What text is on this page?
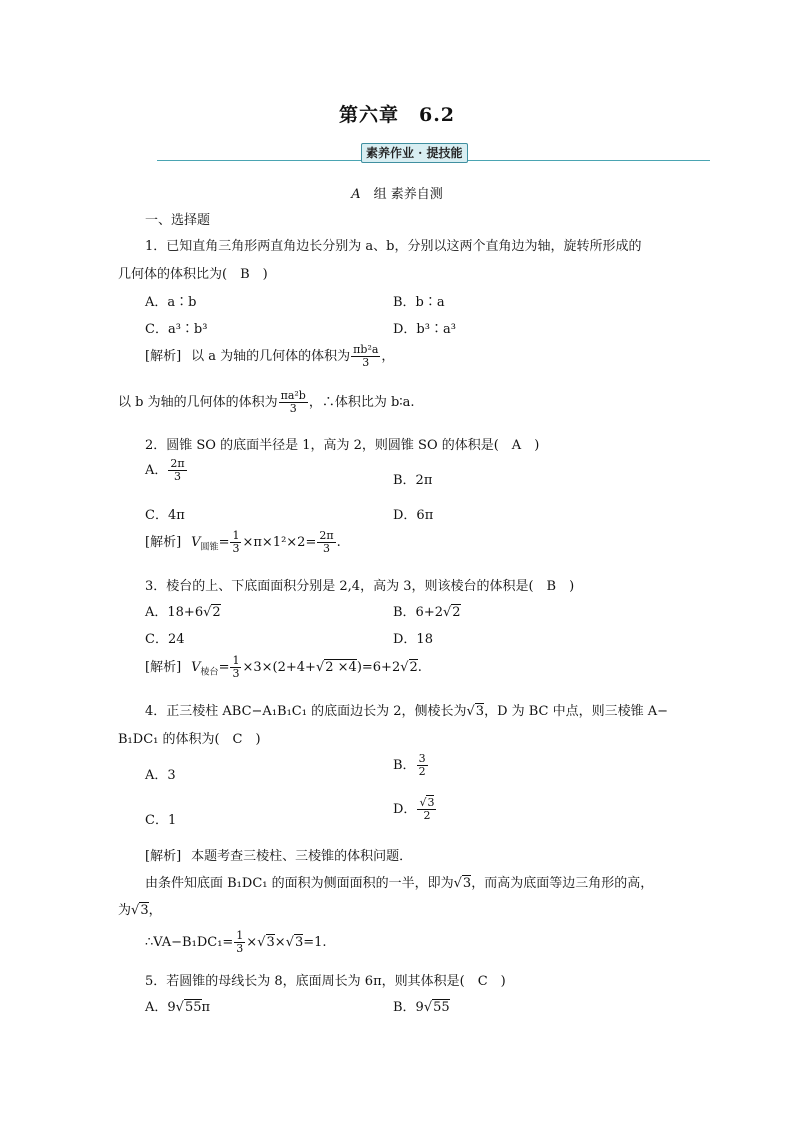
第六章　6.2
素养作业 · 提技能
A　 组 素养自测
一、选择题
1．已知直角三角形两直角边长分别为 a、b，分别以这两个直角边为轴，旋转所形成的
几何体的体积比为(　B　)
A．a∶b	B．b∶a
C．a³∶b³	D．b³∶a³
[解析] 以 a 为轴的几何体的体积为 $\frac{\text{πb²a}}{3}$ ，
以 b 为轴的几何体的体积为 $\frac{\text{πa²b}}{3}$ ，∴体积比为 b∶a.
2．圆锥 SO 的底面半径是 1，高为 2，则圆锥 SO 的体积是(　A　)
A． $\frac{2\pi}{3}$	B．2π
C．4π	D．6π
[解析] $V_{圆锥}= \frac{1}{3} \times\pi\times 1^2\times 2= \frac{2\pi}{3}$ .
3．棱台的上、下底面面积分别是 2,4，高为 3，则该棱台的体积是(　B　)
A．18+6√2	B．6+2√2
C．24	D．18
[解析] $V_{棱台}= \frac{1}{3} \times 3\times(2+4+√2 \times 4)=6+2√2$.
4．正三棱柱 ABC−A₁B₁C₁ 的底面边长为 2，侧棱长为√3，D 为 BC 中点，则三棱锥 A−
B₁DC₁ 的体积为(　C　)
A．3
B． $\frac{3}{2}$
C．1
D． $\frac{√3}{2}$
[解析] 本题考查三棱柱、三棱锥的体积问题．
由条件知底面 B₁DC₁ 的面积为侧面面积的一半，即为√3，而高为底面等边三角形的高，
为√3，
∴VA−B₁DC₁= $\frac{1}{3} \times√3\times√3=1$.
5．若圆锥的母线长为 8，底面周长为 6π，则其体积是(　C　)
A．9√55π	B．9√55
